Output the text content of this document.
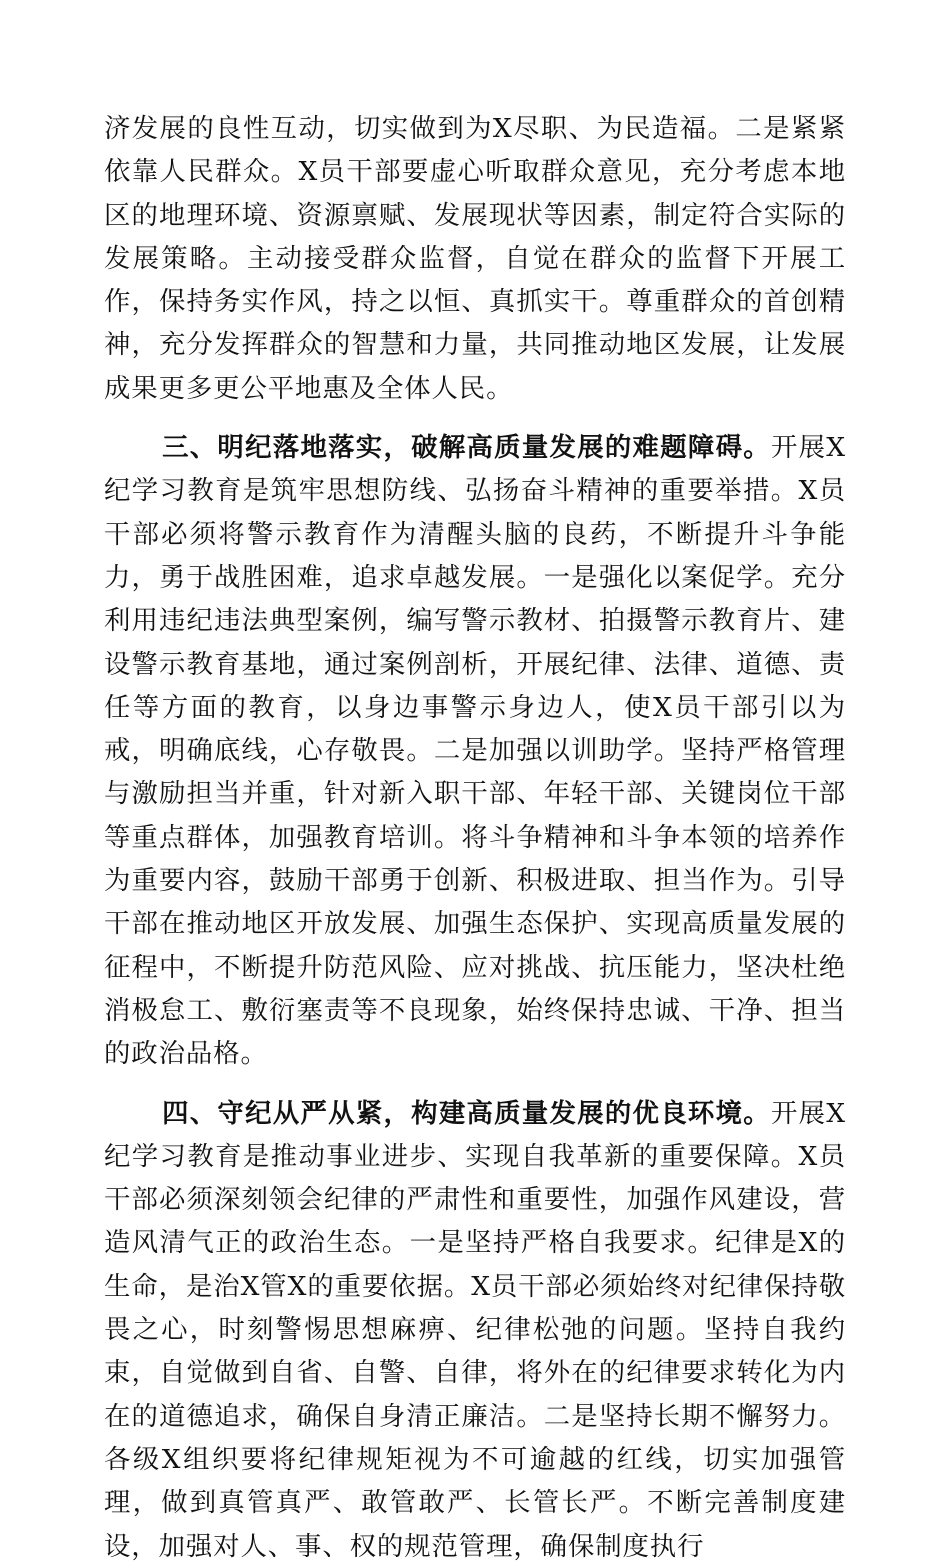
济发展的良性互动，切实做到为X尽职、为民造福。二是紧紧依靠人民群众。X员干部要虚心听取群众意见，充分考虑本地区的地理环境、资源禀赋、发展现状等因素，制定符合实际的发展策略。主动接受群众监督，自觉在群众的监督下开展工作，保持务实作风，持之以恒、真抓实干。尊重群众的首创精神，充分发挥群众的智慧和力量，共同推动地区发展，让发展成果更多更公平地惠及全体人民。

三、明纪落地落实，破解高质量发展的难题障碍。开展X纪学习教育是筑牢思想防线、弘扬奋斗精神的重要举措。X员干部必须将警示教育作为清醒头脑的良药，不断提升斗争能力，勇于战胜困难，追求卓越发展。一是强化以案促学。充分利用违纪违法典型案例，编写警示教材、拍摄警示教育片、建设警示教育基地，通过案例剖析，开展纪律、法律、道德、责任等方面的教育，以身边事警示身边人，使X员干部引以为戒，明确底线，心存敬畏。二是加强以训助学。坚持严格管理与激励担当并重，针对新入职干部、年轻干部、关键岗位干部等重点群体，加强教育培训。将斗争精神和斗争本领的培养作为重要内容，鼓励干部勇于创新、积极进取、担当作为。引导干部在推动地区开放发展、加强生态保护、实现高质量发展的征程中，不断提升防范风险、应对挑战、抗压能力，坚决杜绝消极怠工、敷衍塞责等不良现象，始终保持忠诚、干净、担当的政治品格。

四、守纪从严从紧，构建高质量发展的优良环境。开展X纪学习教育是推动事业进步、实现自我革新的重要保障。X员干部必须深刻领会纪律的严肃性和重要性，加强作风建设，营造风清气正的政治生态。一是坚持严格自我要求。纪律是X的生命，是治X管X的重要依据。X员干部必须始终对纪律保持敬畏之心，时刻警惕思想麻痹、纪律松弛的问题。坚持自我约束，自觉做到自省、自警、自律，将外在的纪律要求转化为内在的道德追求，确保自身清正廉洁。二是坚持长期不懈努力。各级X组织要将纪律规矩视为不可逾越的红线，切实加强管理，做到真管真严、敢管敢严、长管长严。不断完善制度建设，加强对人、事、权的规范管理，确保制度执行
